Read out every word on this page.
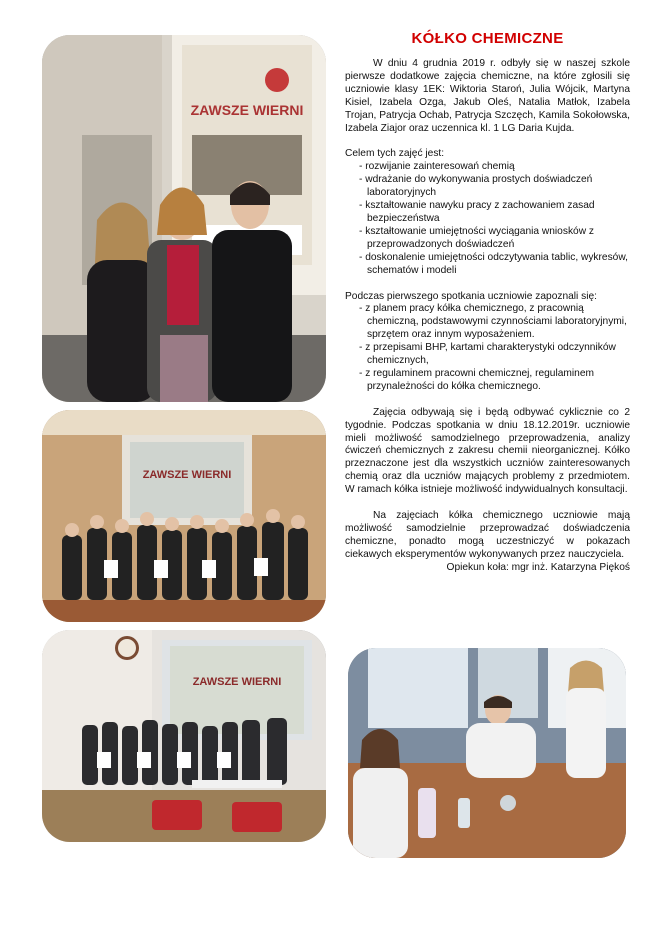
ZAWSZE WIERNI
ZAWSZE WIERNI
ZAWSZE WIERNI
KÓŁKO CHEMICZNE

W dniu 4 grudnia 2019 r. odbyły się w naszej szkole pierwsze dodatkowe zajęcia chemiczne, na które zgłosili się uczniowie klasy 1EK: Wiktoria Staroń, Julia Wójcik, Martyna Kisiel, Izabela Ozga, Jakub Oleś, Natalia Matłok, Izabela Trojan, Patrycja Ochab, Patrycja Szczęch, Kamila Sokołowska, Izabela Ziajor oraz uczennica kl. 1 LG Daria Kujda.

Celem tych zajęć jest:

- rozwijanie zainteresowań chemią
- wdrażanie do wykonywania prostych doświadczeń laboratoryjnych
- kształtowanie nawyku pracy z zachowaniem zasad bezpieczeństwa
- kształtowanie umiejętności wyciągania wniosków z przeprowadzonych doświadczeń
- doskonalenie umiejętności odczytywania tablic, wykresów, schematów i modeli

Podczas pierwszego spotkania uczniowie zapoznali się:

- z planem pracy kółka chemicznego, z pracownią chemiczną, podstawowymi czynnościami laboratoryjnymi, sprzętem oraz innym wyposażeniem.
- z przepisami BHP, kartami charakterystyki odczynników chemicznych,
- z regulaminem pracowni chemicznej, regulaminem przynależności do kółka chemicznego.

Zajęcia odbywają się i będą odbywać cyklicznie co 2 tygodnie. Podczas spotkania w dniu 18.12.2019r. uczniowie mieli możliwość samodzielnego przeprowadzenia, analizy ćwiczeń chemicznych z zakresu chemii nieorganicznej. Kółko przeznaczone jest dla wszystkich uczniów zainteresowanych chemią oraz dla uczniów mających problemy z przedmiotem. W ramach kółka istnieje możliwość indywidualnych konsultacji.

Na zajęciach kółka chemicznego uczniowie mają możliwość samodzielnie przeprowadzać doświadczenia chemiczne, ponadto mogą uczestniczyć w pokazach ciekawych eksperymentów wykonywanych przez nauczyciela.

Opiekun koła: mgr inż. Katarzyna Piękoś
